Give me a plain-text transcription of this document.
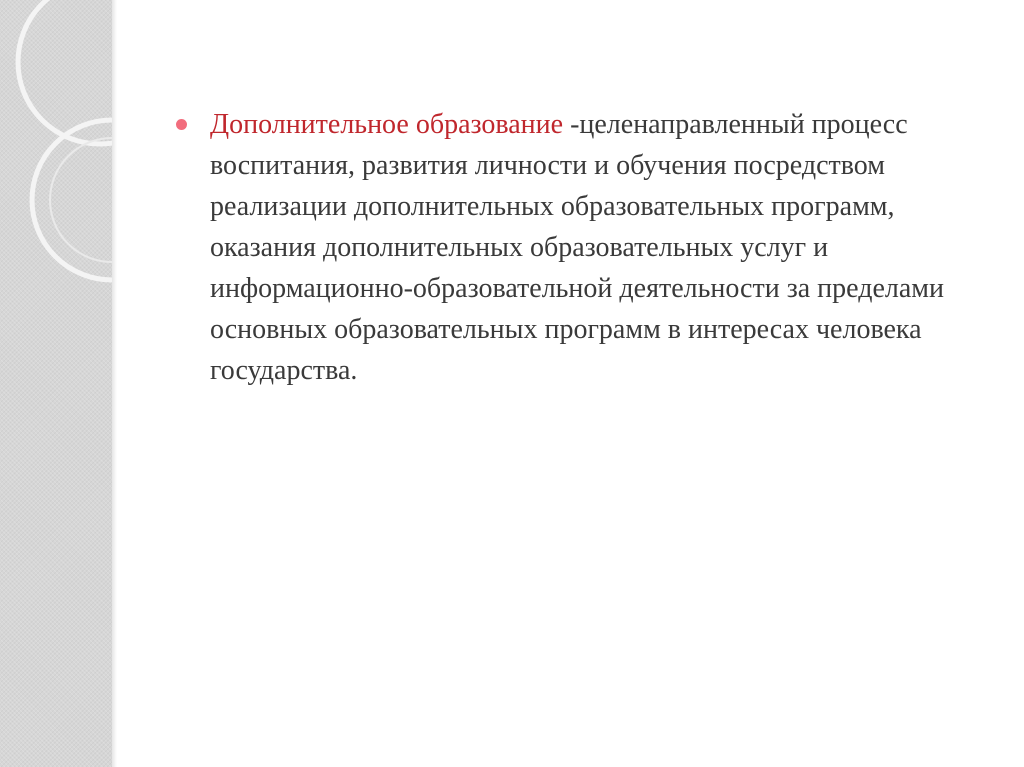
Дополнительное образование -целенаправленный процесс воспитания, развития личности и обучения посредством реализации дополнительных образовательных программ, оказания дополнительных образовательных услуг и информационно-образовательной деятельности за пределами основных образовательных программ в интересах человека государства.
